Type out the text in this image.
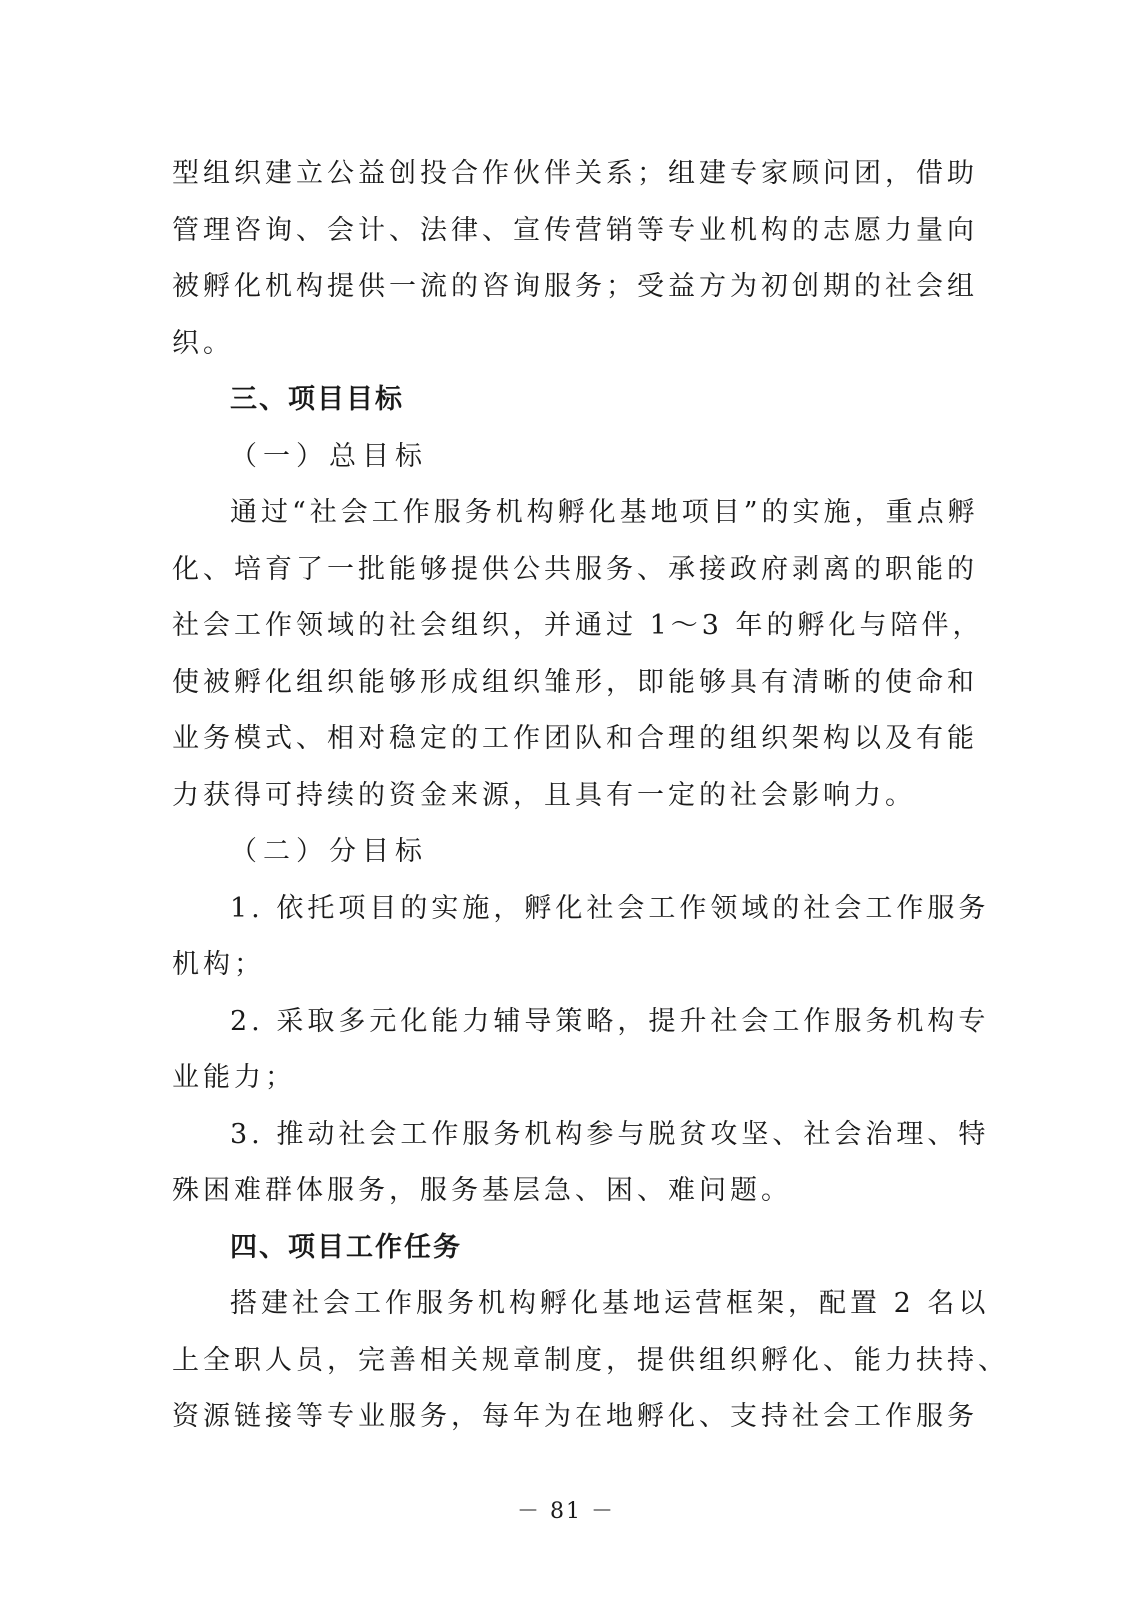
型组织建立公益创投合作伙伴关系；组建专家顾问团，借助
管理咨询、会计、法律、宣传营销等专业机构的志愿力量向
被孵化机构提供一流的咨询服务；受益方为初创期的社会组
织。
三、项目目标
（一）总目标
通过“社会工作服务机构孵化基地项目”的实施，重点孵
化、培育了一批能够提供公共服务、承接政府剥离的职能的
社会工作领域的社会组织，并通过 1～3 年的孵化与陪伴，
使被孵化组织能够形成组织雏形，即能够具有清晰的使命和
业务模式、相对稳定的工作团队和合理的组织架构以及有能
力获得可持续的资金来源，且具有一定的社会影响力。
（二）分目标
1. 依托项目的实施，孵化社会工作领域的社会工作服务
机构；
2. 采取多元化能力辅导策略，提升社会工作服务机构专
业能力；
3. 推动社会工作服务机构参与脱贫攻坚、社会治理、特
殊困难群体服务，服务基层急、困、难问题。
四、项目工作任务
搭建社会工作服务机构孵化基地运营框架，配置 2 名以
上全职人员，完善相关规章制度，提供组织孵化、能力扶持、
资源链接等专业服务，每年为在地孵化、支持社会工作服务
－ 81 －
